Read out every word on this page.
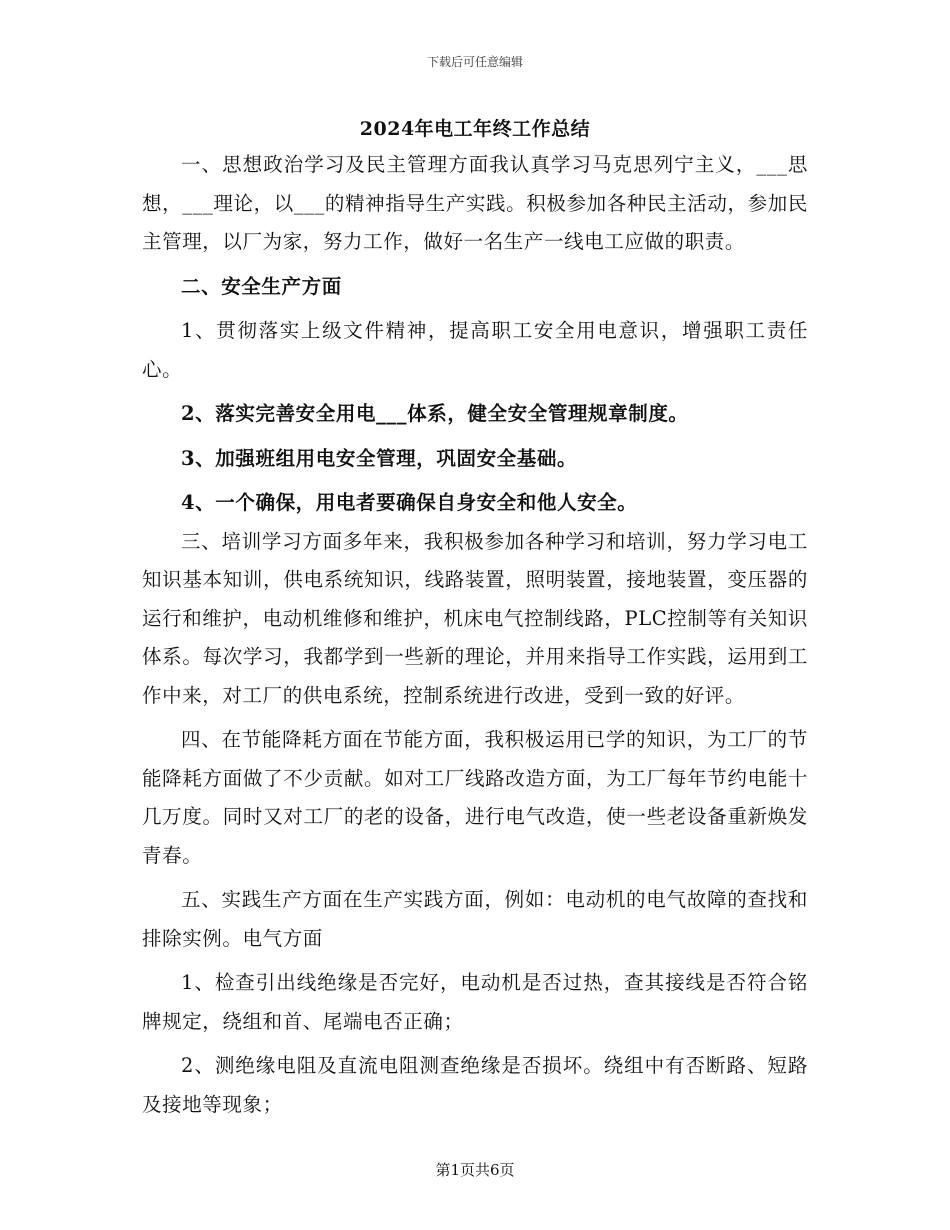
下载后可任意编辑
2024年电工年终工作总结

一、思想政治学习及民主管理方面我认真学习马克思列宁主义，___思想，___理论，以___的精神指导生产实践。积极参加各种民主活动，参加民主管理，以厂为家，努力工作，做好一名生产一线电工应做的职责。

二、安全生产方面

1、贯彻落实上级文件精神，提高职工安全用电意识，增强职工责任心。

2、落实完善安全用电___体系，健全安全管理规章制度。

3、加强班组用电安全管理，巩固安全基础。

4、一个确保，用电者要确保自身安全和他人安全。

三、培训学习方面多年来，我积极参加各种学习和培训，努力学习电工知识基本知训，供电系统知识，线路装置，照明装置，接地装置，变压器的运行和维护，电动机维修和维护，机床电气控制线路，PLC控制等有关知识体系。每次学习，我都学到一些新的理论，并用来指导工作实践，运用到工作中来，对工厂的供电系统，控制系统进行改进，受到一致的好评。

四、在节能降耗方面在节能方面，我积极运用已学的知识，为工厂的节能降耗方面做了不少贡献。如对工厂线路改造方面，为工厂每年节约电能十几万度。同时又对工厂的老的设备，进行电气改造，使一些老设备重新焕发青春。

五、实践生产方面在生产实践方面，例如：电动机的电气故障的查找和排除实例。电气方面

1、检查引出线绝缘是否完好，电动机是否过热，查其接线是否符合铭牌规定，绕组和首、尾端电否正确；

2、测绝缘电阻及直流电阻测查绝缘是否损坏。绕组中有否断路、短路及接地等现象；

第1页共6页
